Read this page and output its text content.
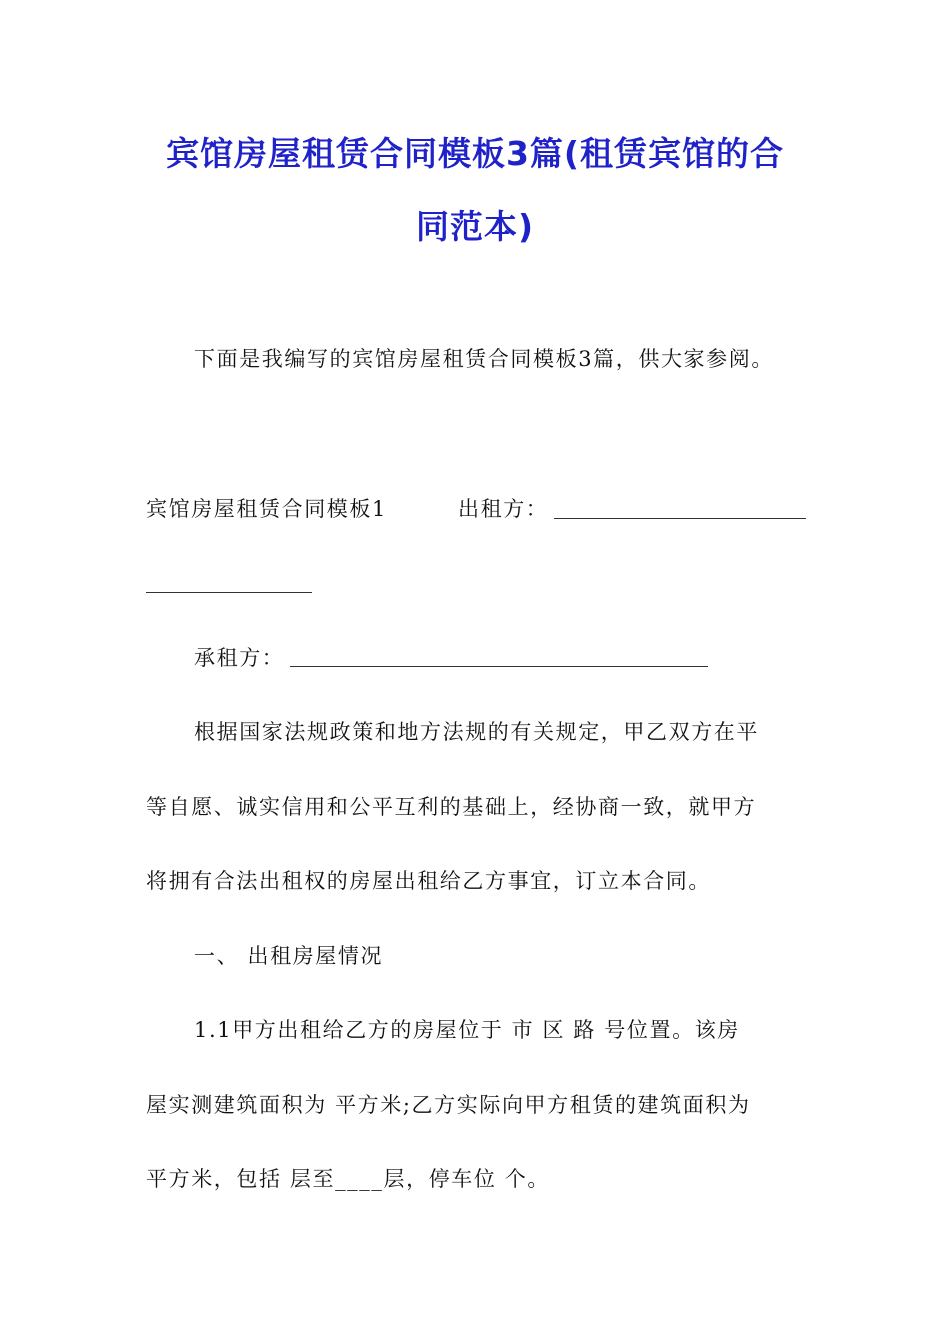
宾馆房屋租赁合同模板3篇(租赁宾馆的合
同范本)
下面是我编写的宾馆房屋租赁合同模板3篇，供大家参阅。
宾馆房屋租赁合同模板1	出租方：
承租方：
根据国家法规政策和地方法规的有关规定，甲乙双方在平
等自愿、诚实信用和公平互利的基础上，经协商一致，就甲方
将拥有合法出租权的房屋出租给乙方事宜，订立本合同。
一、 出租房屋情况
1.1甲方出租给乙方的房屋位于 市 区 路 号位置。该房
屋实测建筑面积为 平方米;乙方实际向甲方租赁的建筑面积为
平方米，包括 层至____层，停车位 个。
